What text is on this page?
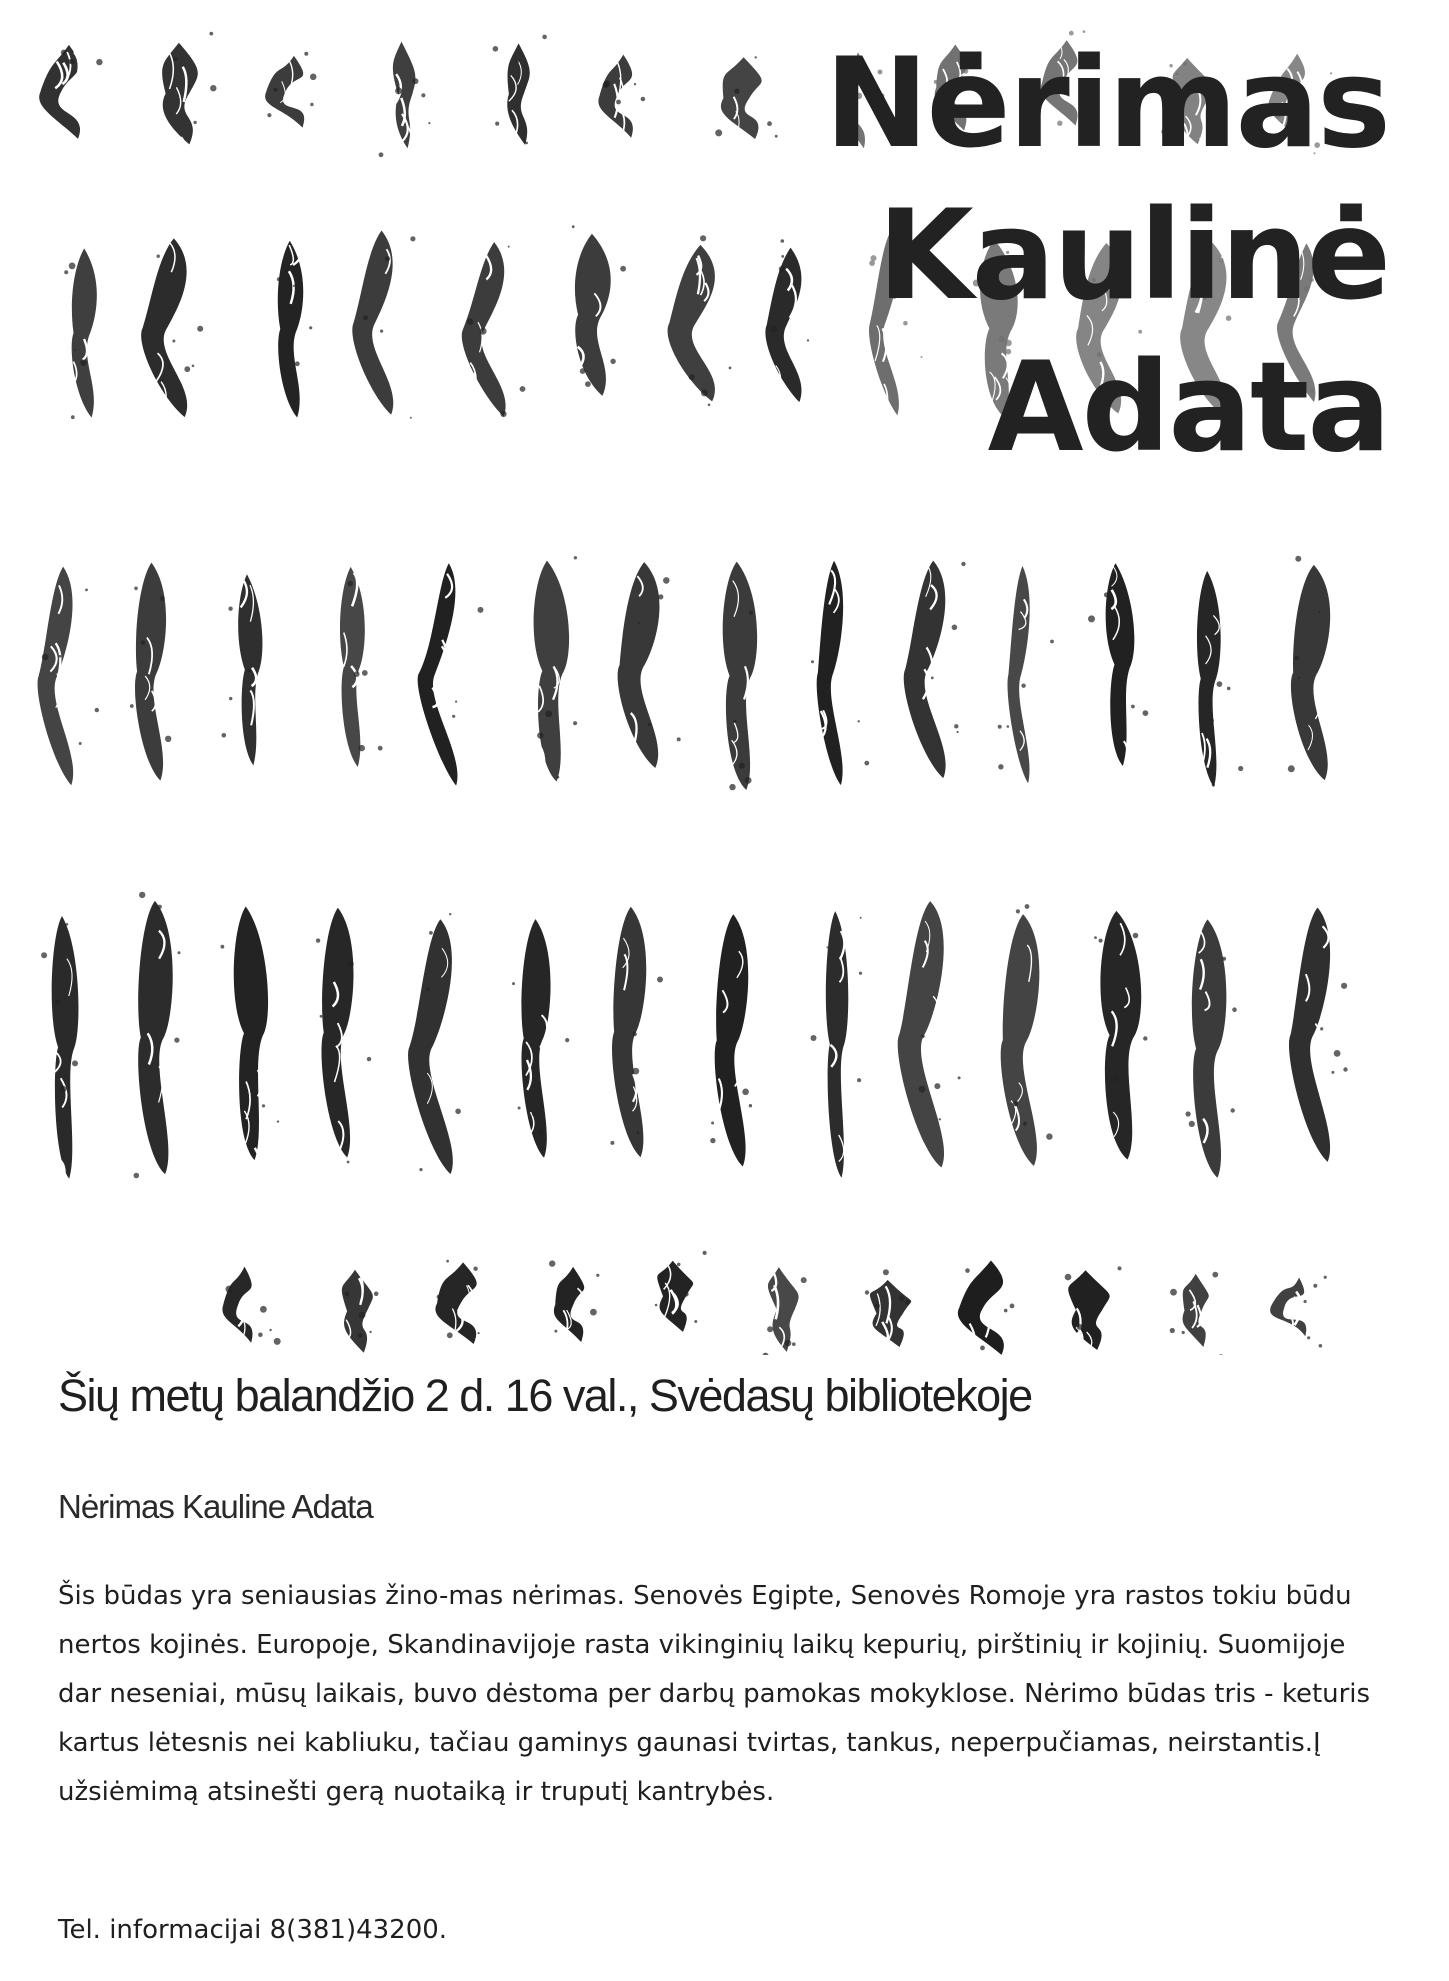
Nėrimas
Kaulinė
Adata
Šių metų balandžio 2 d. 16 val., Svėdasų bibliotekoje
Nėrimas Kauline Adata

Šis būdas yra seniausias žino-mas nėrimas. Senovės Egipte, Senovės Romoje yra rastos tokiu būdu nertos kojinės. Europoje, Skandinavijoje rasta vikinginių laikų kepurių, pirštinių ir kojinių. Suomijoje dar neseniai, mūsų laikais, buvo dėstoma per darbų pamokas mokyklose. Nėrimo būdas tris - keturis kartus lėtesnis nei kabliuku, tačiau gaminys gaunasi tvirtas, tankus, neperpučiamas, neirstantis.Į užsiėmimą atsinešti gerą nuotaiką ir truputį kantrybės.

Tel. informacijai 8(381)43200.
